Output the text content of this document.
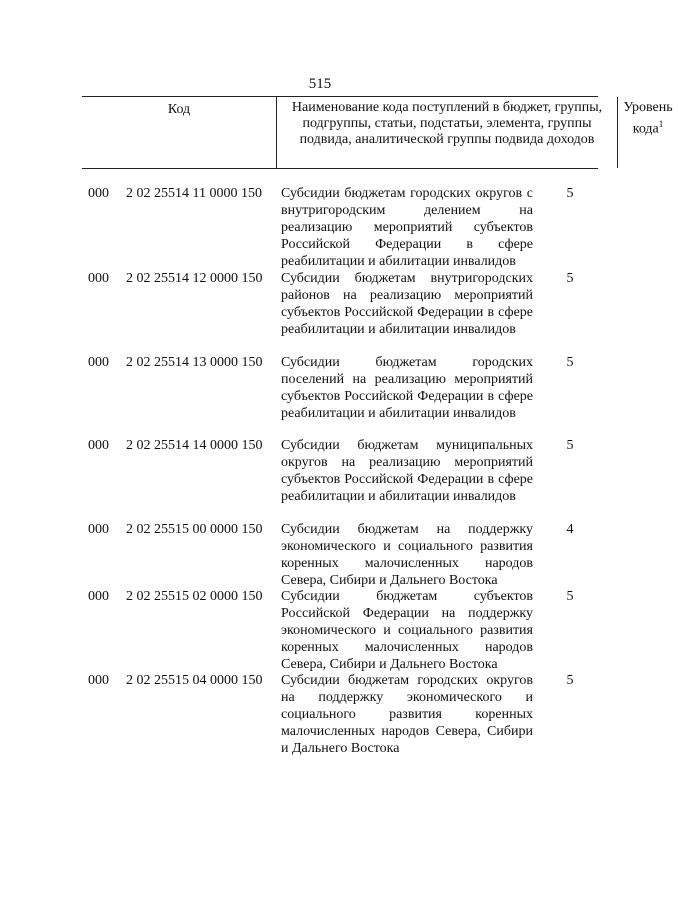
515
Код	Наименование кода поступлений в бюджет, группы, подгруппы, статьи, подстатьи, элемента, группы подвида, аналитической группы подвида доходов
Уровень кода$^1$
000 2 02 25514 11 0000 150 Субсидии бюджетам городских округов с внутригородским делением на реализацию мероприятий субъектов Российской Федерации в сфере реабилитации и абилитации инвалидов
5
000 2 02 25514 12 0000 150 Субсидии бюджетам внутригородских районов на реализацию мероприятий субъектов Российской Федерации в сфере реабилитации и абилитации инвалидов
5
000 2 02 25514 13 0000 150 Субсидии бюджетам городских поселений на реализацию мероприятий субъектов Российской Федерации в сфере реабилитации и абилитации инвалидов
5
000 2 02 25514 14 0000 150 Субсидии бюджетам муниципальных округов на реализацию мероприятий субъектов Российской Федерации в сфере реабилитации и абилитации инвалидов
5
000 2 02 25515 00 0000 150 Субсидии бюджетам на поддержку экономического и социального развития коренных малочисленных народов Севера, Сибири и Дальнего Востока
4
000 2 02 25515 02 0000 150 Субсидии бюджетам субъектов Российской Федерации на поддержку экономического и социального развития коренных малочисленных народов Севера, Сибири и Дальнего Востока
5
000 2 02 25515 04 0000 150 Субсидии бюджетам городских округов на поддержку экономического и социального развития коренных малочисленных народов Севера, Сибири и Дальнего Востока
5
